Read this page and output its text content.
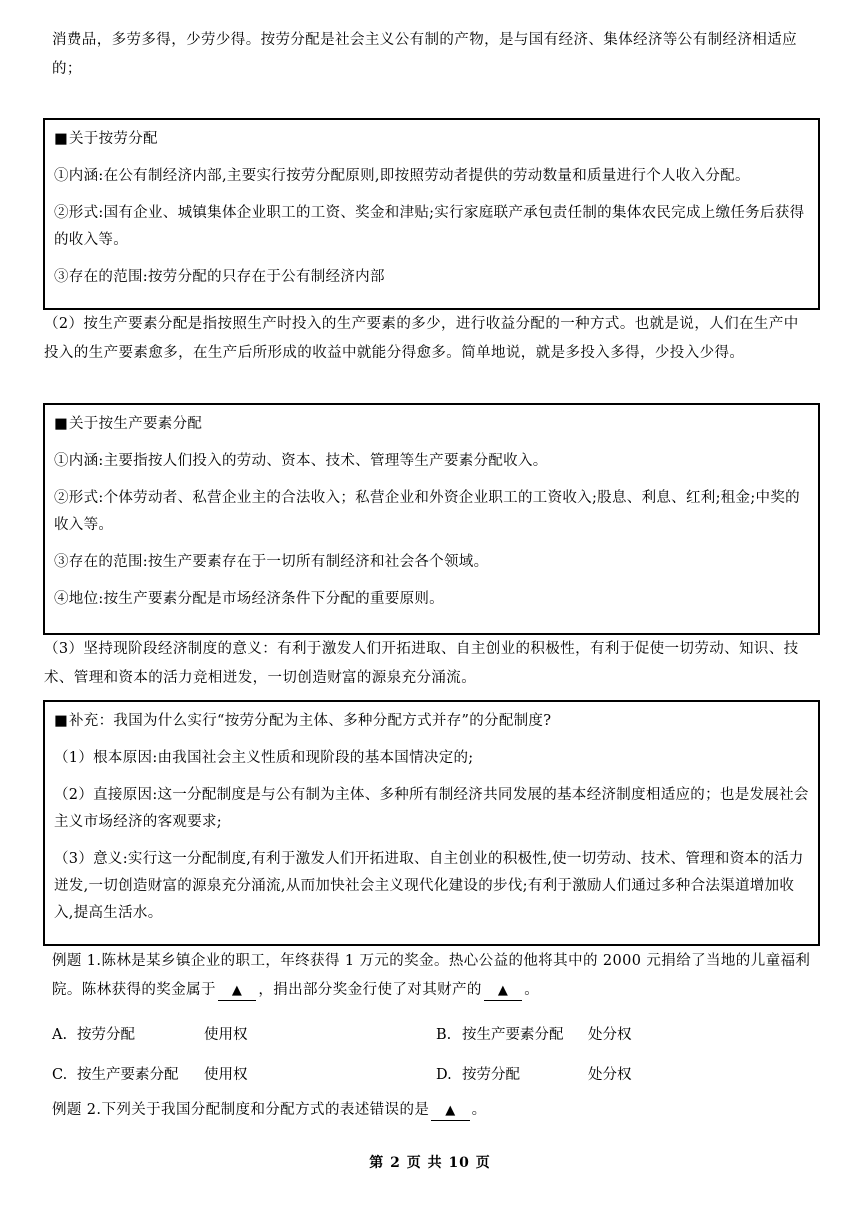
消费品，多劳多得，少劳少得。按劳分配是社会主义公有制的产物，是与国有经济、集体经济等公有制经济相适应的；

■ 关于按劳分配

①内涵:在公有制经济内部,主要实行按劳分配原则,即按照劳动者提供的劳动数量和质量进行个人收入分配。

②形式:国有企业、城镇集体企业职工的工资、奖金和津贴;实行家庭联产承包责任制的集体农民完成上缴任务后获得的收入等。

③存在的范围:按劳分配的只存在于公有制经济内部

（2）按生产要素分配是指按照生产时投入的生产要素的多少，进行收益分配的一种方式。也就是说，人们在生产中投入的生产要素愈多，在生产后所形成的收益中就能分得愈多。简单地说，就是多投入多得，少投入少得。

■ 关于按生产要素分配

①内涵:主要指按人们投入的劳动、资本、技术、管理等生产要素分配收入。

②形式:个体劳动者、私营企业主的合法收入；私营企业和外资企业职工的工资收入;股息、利息、红利;租金;中奖的收入等。

③存在的范围:按生产要素存在于一切所有制经济和社会各个领域。

④地位:按生产要素分配是市场经济条件下分配的重要原则。

（3）坚持现阶段经济制度的意义：有利于激发人们开拓进取、自主创业的积极性，有利于促使一切劳动、知识、技术、管理和资本的活力竞相迸发，一切创造财富的源泉充分涌流。

■ 补充：我国为什么实行“按劳分配为主体、多种分配方式并存”的分配制度?

（1）根本原因:由我国社会主义性质和现阶段的基本国情决定的;

（2）直接原因:这一分配制度是与公有制为主体、多种所有制经济共同发展的基本经济制度相适应的；也是发展社会主义市场经济的客观要求;

（3）意义:实行这一分配制度,有利于激发人们开拓进取、自主创业的积极性,使一切劳动、技术、管理和资本的活力迸发,一切创造财富的源泉充分涌流,从而加快社会主义现代化建设的步伐;有利于激励人们通过多种合法渠道增加收入,提高生活水。

例题 1.陈林是某乡镇企业的职工，年终获得 1 万元的奖金。热心公益的他将其中的 2000 元捐给了当地的儿童福利院。陈林获得的奖金属于 ▲ ，捐出部分奖金行使了对其财产的 ▲ 。

A. 按劳分配	使用权	B. 按生产要素分配 处分权
C. 按生产要素分配 使用权	D. 按劳分配	处分权

例题 2.下列关于我国分配制度和分配方式的表述错误的是 ▲ 。

第 2 页 共 10 页
